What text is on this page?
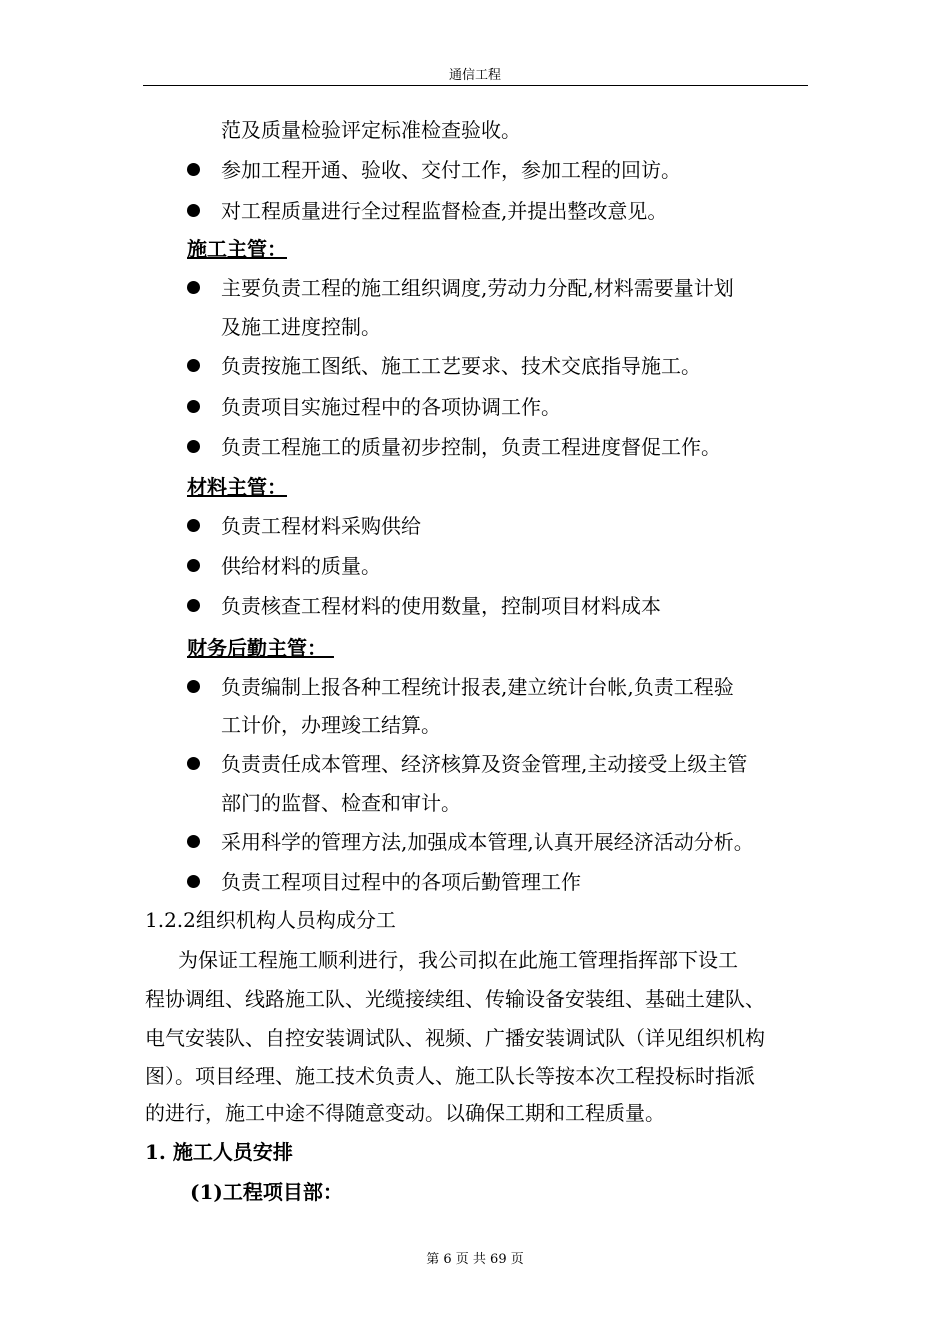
通信工程
范及质量检验评定标准检查验收。
参加工程开通、验收、交付工作，参加工程的回访。
对工程质量进行全过程监督检查,并提出整改意见。
施工主管：
主要负责工程的施工组织调度,劳动力分配,材料需要量计划
及施工进度控制。
负责按施工图纸、施工工艺要求、技术交底指导施工。
负责项目实施过程中的各项协调工作。
负责工程施工的质量初步控制，负责工程进度督促工作。
材料主管：
负责工程材料采购供给
供给材料的质量。
负责核查工程材料的使用数量，控制项目材料成本
财务后勤主管：
负责编制上报各种工程统计报表,建立统计台帐,负责工程验
工计价，办理竣工结算。
负责责任成本管理、经济核算及资金管理,主动接受上级主管
部门的监督、检查和审计。
采用科学的管理方法,加强成本管理,认真开展经济活动分析。
负责工程项目过程中的各项后勤管理工作
1.2.2组织机构人员构成分工
为保证工程施工顺利进行，我公司拟在此施工管理指挥部下设工
程协调组、线路施工队、光缆接续组、传输设备安装组、基础土建队、
电气安装队、自控安装调试队、视频、广播安装调试队（详见组织机构
图）。项目经理、施工技术负责人、施工队长等按本次工程投标时指派
的进行，施工中途不得随意变动。以确保工期和工程质量。
1. 施工人员安排
(1)工程项目部：
第 6 页 共 69 页
